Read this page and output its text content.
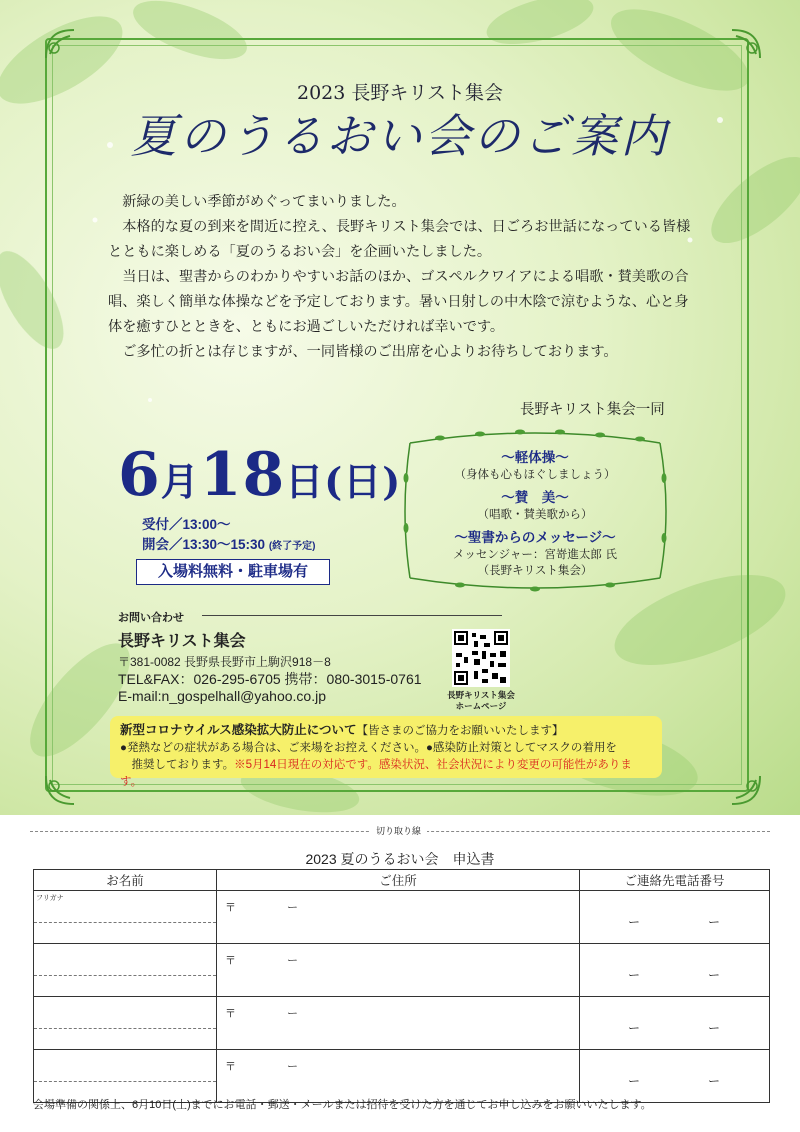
2023 長野キリスト集会
夏のうるおい会のご案内

新緑の美しい季節がめぐってまいりました。

本格的な夏の到来を間近に控え、長野キリスト集会では、日ごろお世話になっている皆様とともに楽しめる「夏のうるおい会」を企画いたしました。

当日は、聖書からのわかりやすいお話のほか、ゴスペルクワイアによる唱歌・賛美歌の合唱、楽しく簡単な体操などを予定しております。暑い日射しの中木陰で涼むような、心と身体を癒すひとときを、ともにお過ごしいただければ幸いです。

ご多忙の折とは存じますが、一同皆様のご出席を心よりお待ちしております。

長野キリスト集会一同
6月18日(日)
受付／13:00〜
開会／13:30〜15:30 (終了予定)
入場料無料・駐車場有
〜軽体操〜
（身体も心もほぐしましょう）
〜賛　美〜
（唱歌・賛美歌から）
〜聖書からのメッセージ〜
メッセンジャー：宮嵜進太郎 氏
（長野キリスト集会）
お問い合わせ
長野キリスト集会
〒381-0082 長野県長野市上駒沢918－8
TEL&FAX：026-295-6705 携帯：080-3015-0761
E-mail:n_gospelhall@yahoo.co.jp	長野キリスト集会
ホームページ
新型コロナウイルス感染拡大防止について【皆さまのご協力をお願いいたします】
●発熱などの症状がある場合は、ご来場をお控えください。●感染防止対策としてマスクの着用を
　推奨しております。※5月14日現在の対応です。感染状況、社会状況により変更の可能性があります。
切り取り線
2023 夏のうるおい会　申込書
お名前	ご住所	ご連絡先電話番号

フリガナ	〒 ー	ー ー

	〒 ー	ー ー

	〒 ー	ー ー

	〒 ー	ー ー
会場準備の関係上、6月10日(土)までにお電話・郵送・メールまたは招待を受けた方を通じてお申し込みをお願いいたします。
